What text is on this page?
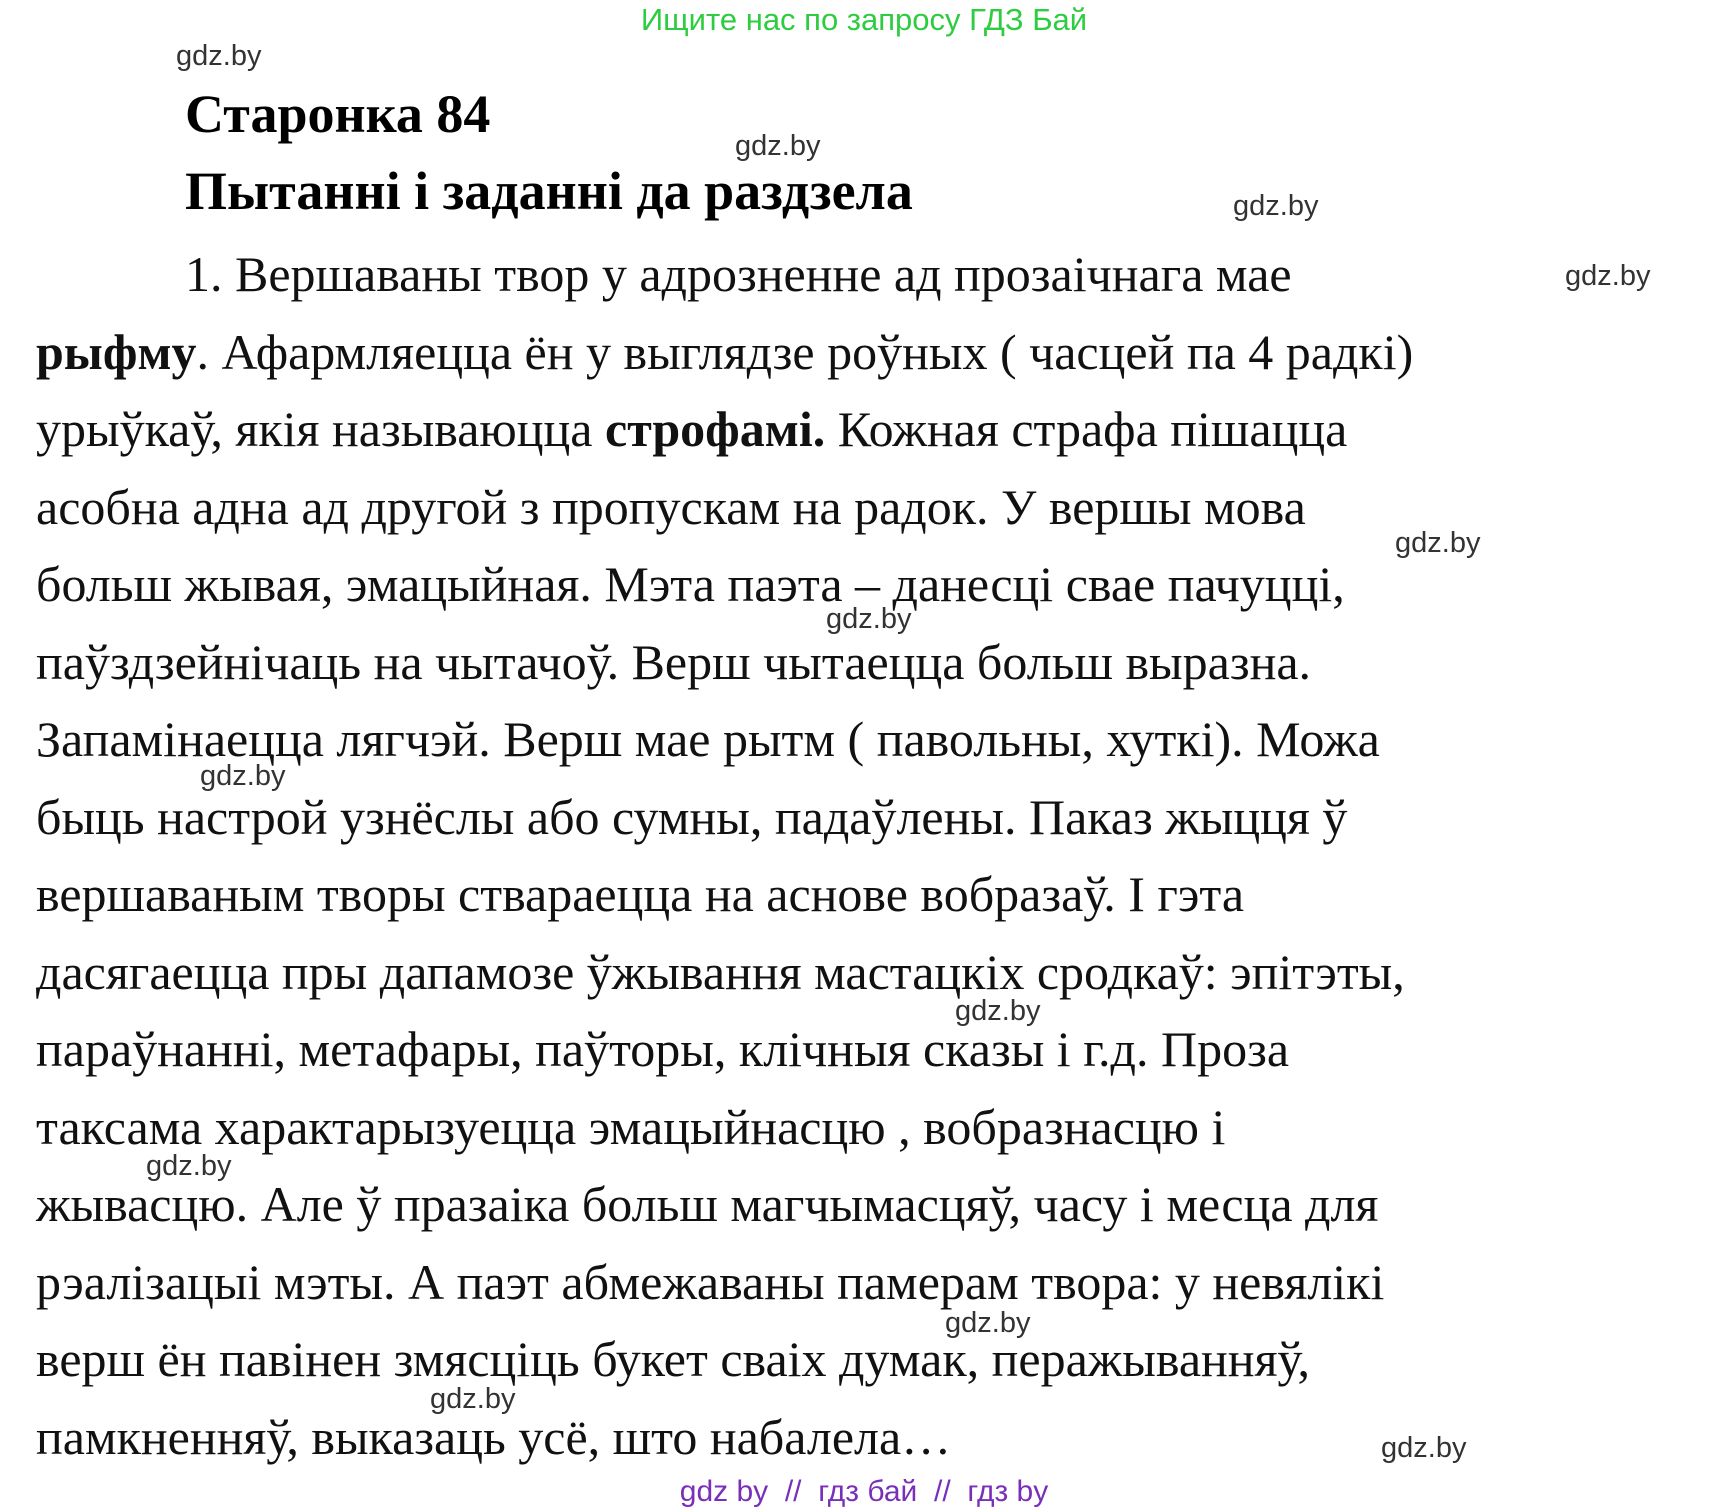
Ищите нас по запросу ГДЗ Бай
gdz.by
gdz.by
gdz.by
gdz.by
gdz.by
gdz.by
gdz.by
gdz.by
gdz.by
gdz.by
gdz.by
gdz.by
Старонка 84
Пытанні і заданні да раздзела
1. Вершаваны твор у адрозненне ад прозаічнага мае
рыфму. Афармляецца ён у выглядзе роўных ( часцей па 4 радкі)
урыўкаў, якія называюцца строфамі. Кожная страфа пішацца
асобна адна ад другой з пропускам на радок. У вершы мова
больш жывая, эмацыйная. Мэта паэта – данесці свае пачуцці,
паўздзейнічаць на чытачоў. Верш чытаецца больш выразна.
Запамінаецца лягчэй. Верш мае рытм ( павольны, хуткі). Можа
быць настрой узнёслы або сумны, падаўлены. Паказ жыцця ў
вершаваным творы ствараецца на аснове вобразаў. І гэта
дасягаецца пры дапамозе ўжывання мастацкіх сродкаў: эпітэты,
параўнанні, метафары, паўторы, клічныя сказы і г.д. Проза
таксама характарызуецца эмацыйнасцю , вобразнасцю і
жывасцю. Але ў празаіка больш магчымасцяў, часу і месца для
рэалізацыі мэты. А паэт абмежаваны памерам твора: у невялікі
верш ён павінен змясціць букет сваіх думак, перажыванняў,
памкненняў, выказаць усё, што набалела…
gdz by  //  гдз бай  //  гдз by
